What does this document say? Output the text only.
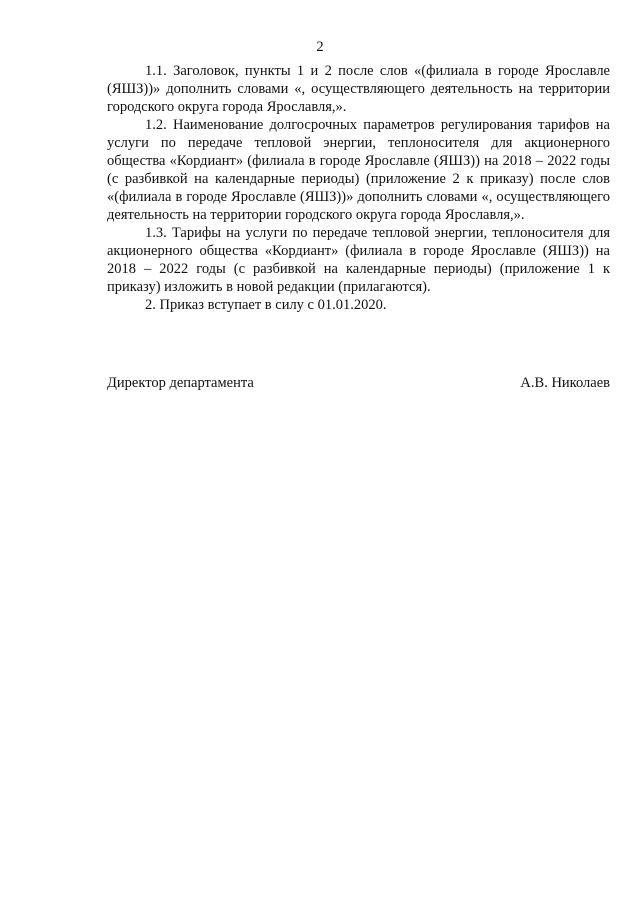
2

1.1. Заголовок, пункты 1 и 2 после слов «(филиала в городе Ярославле (ЯШЗ))» дополнить словами «, осуществляющего деятельность на территории городского округа города Ярославля,».

1.2. Наименование долгосрочных параметров регулирования тарифов на услуги по передаче тепловой энергии, теплоносителя для акционерного общества «Кордиант» (филиала в городе Ярославле (ЯШЗ)) на 2018 – 2022 годы (с разбивкой на календарные периоды) (приложение 2 к приказу) после слов «(филиала в городе Ярославле (ЯШЗ))» дополнить словами «, осуществляющего деятельность на территории городского округа города Ярославля,».

1.3. Тарифы на услуги по передаче тепловой энергии, теплоносителя для акционерного общества «Кордиант» (филиала в городе Ярославле (ЯШЗ)) на 2018 – 2022 годы (с разбивкой на календарные периоды) (приложение 1 к приказу) изложить в новой редакции (прилагаются).

2. Приказ вступает в силу с 01.01.2020.

Директор департамента	А.В. Николаев
